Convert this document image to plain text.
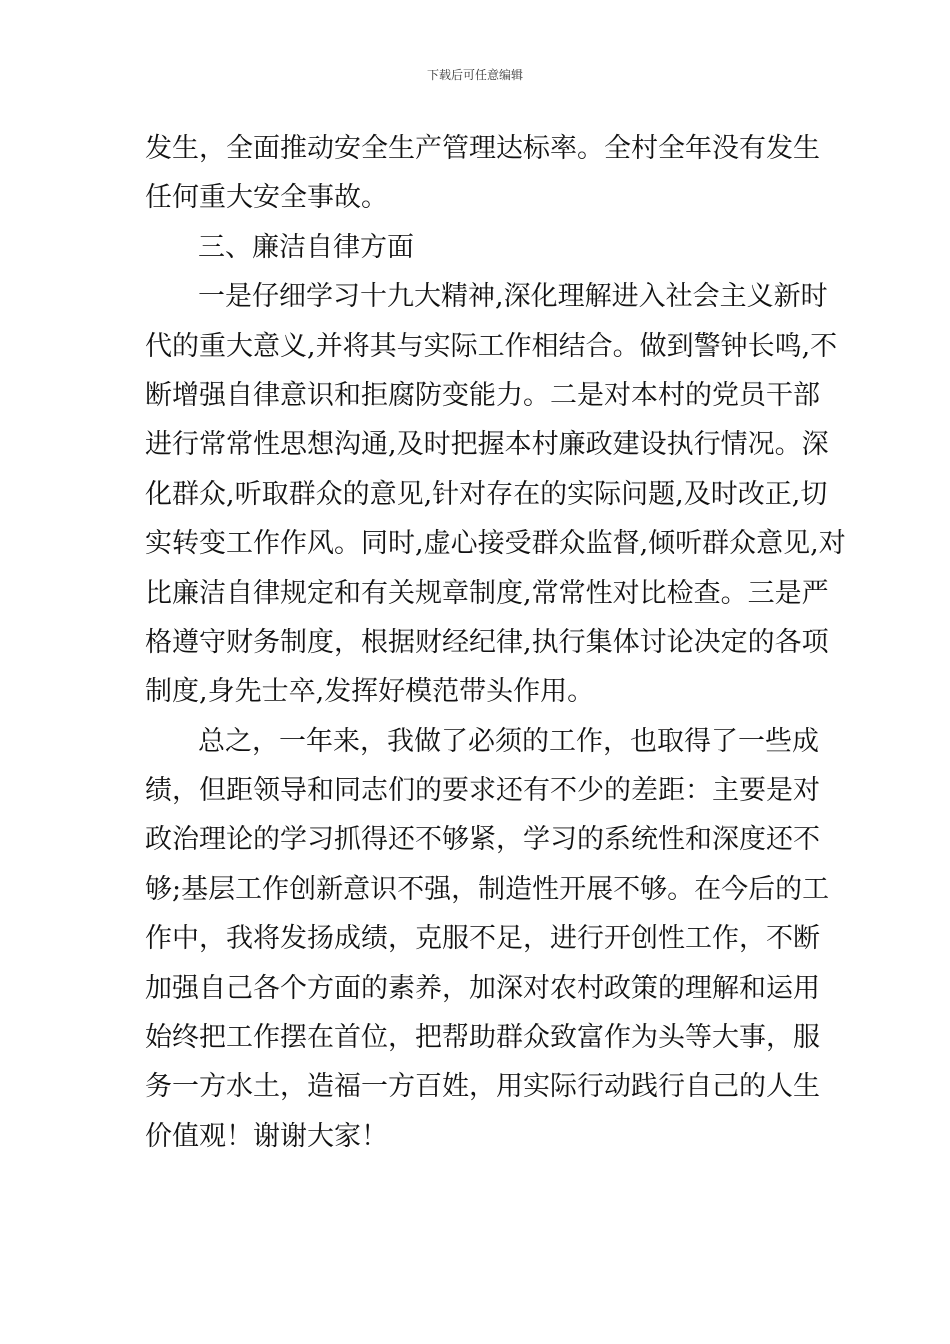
下载后可任意编辑
发生，全面推动安全生产管理达标率。全村全年没有发生
任何重大安全事故。
三、廉洁自律方面
一是仔细学习十九大精神,深化理解进入社会主义新时
代的重大意义,并将其与实际工作相结合。做到警钟长鸣,不
断增强自律意识和拒腐防变能力。二是对本村的党员干部
进行常常性思想沟通,及时把握本村廉政建设执行情况。深
化群众,听取群众的意见,针对存在的实际问题,及时改正,切
实转变工作作风。同时,虚心接受群众监督,倾听群众意见,对
比廉洁自律规定和有关规章制度,常常性对比检查。三是严
格遵守财务制度，根据财经纪律,执行集体讨论决定的各项
制度,身先士卒,发挥好模范带头作用。
总之，一年来，我做了必须的工作，也取得了一些成
绩，但距领导和同志们的要求还有不少的差距：主要是对
政治理论的学习抓得还不够紧，学习的系统性和深度还不
够;基层工作创新意识不强，制造性开展不够。在今后的工
作中，我将发扬成绩，克服不足，进行开创性工作，不断
加强自己各个方面的素养，加深对农村政策的理解和运用
始终把工作摆在首位，把帮助群众致富作为头等大事，服
务一方水土，造福一方百姓，用实际行动践行自己的人生
价值观！谢谢大家！
